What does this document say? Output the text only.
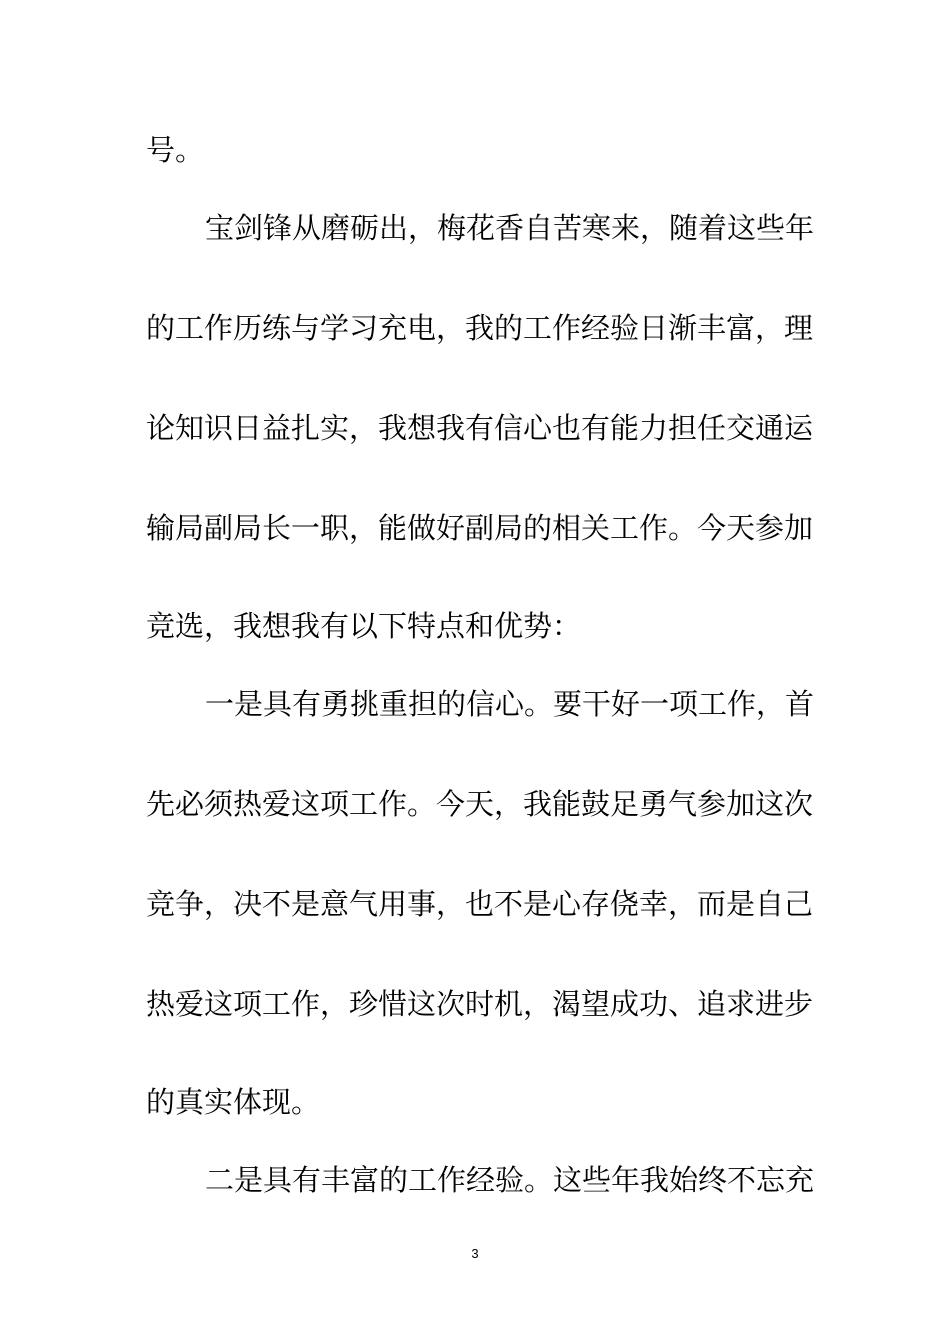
号。
宝剑锋从磨砺出，梅花香自苦寒来，随着这些年
的工作历练与学习充电，我的工作经验日渐丰富，理
论知识日益扎实，我想我有信心也有能力担任交通运
输局副局长一职，能做好副局的相关工作。今天参加
竞选，我想我有以下特点和优势：
一是具有勇挑重担的信心。要干好一项工作，首
先必须热爱这项工作。今天，我能鼓足勇气参加这次
竞争，决不是意气用事，也不是心存侥幸，而是自己
热爱这项工作，珍惜这次时机，渴望成功、追求进步
的真实体现。
二是具有丰富的工作经验。这些年我始终不忘充
3
